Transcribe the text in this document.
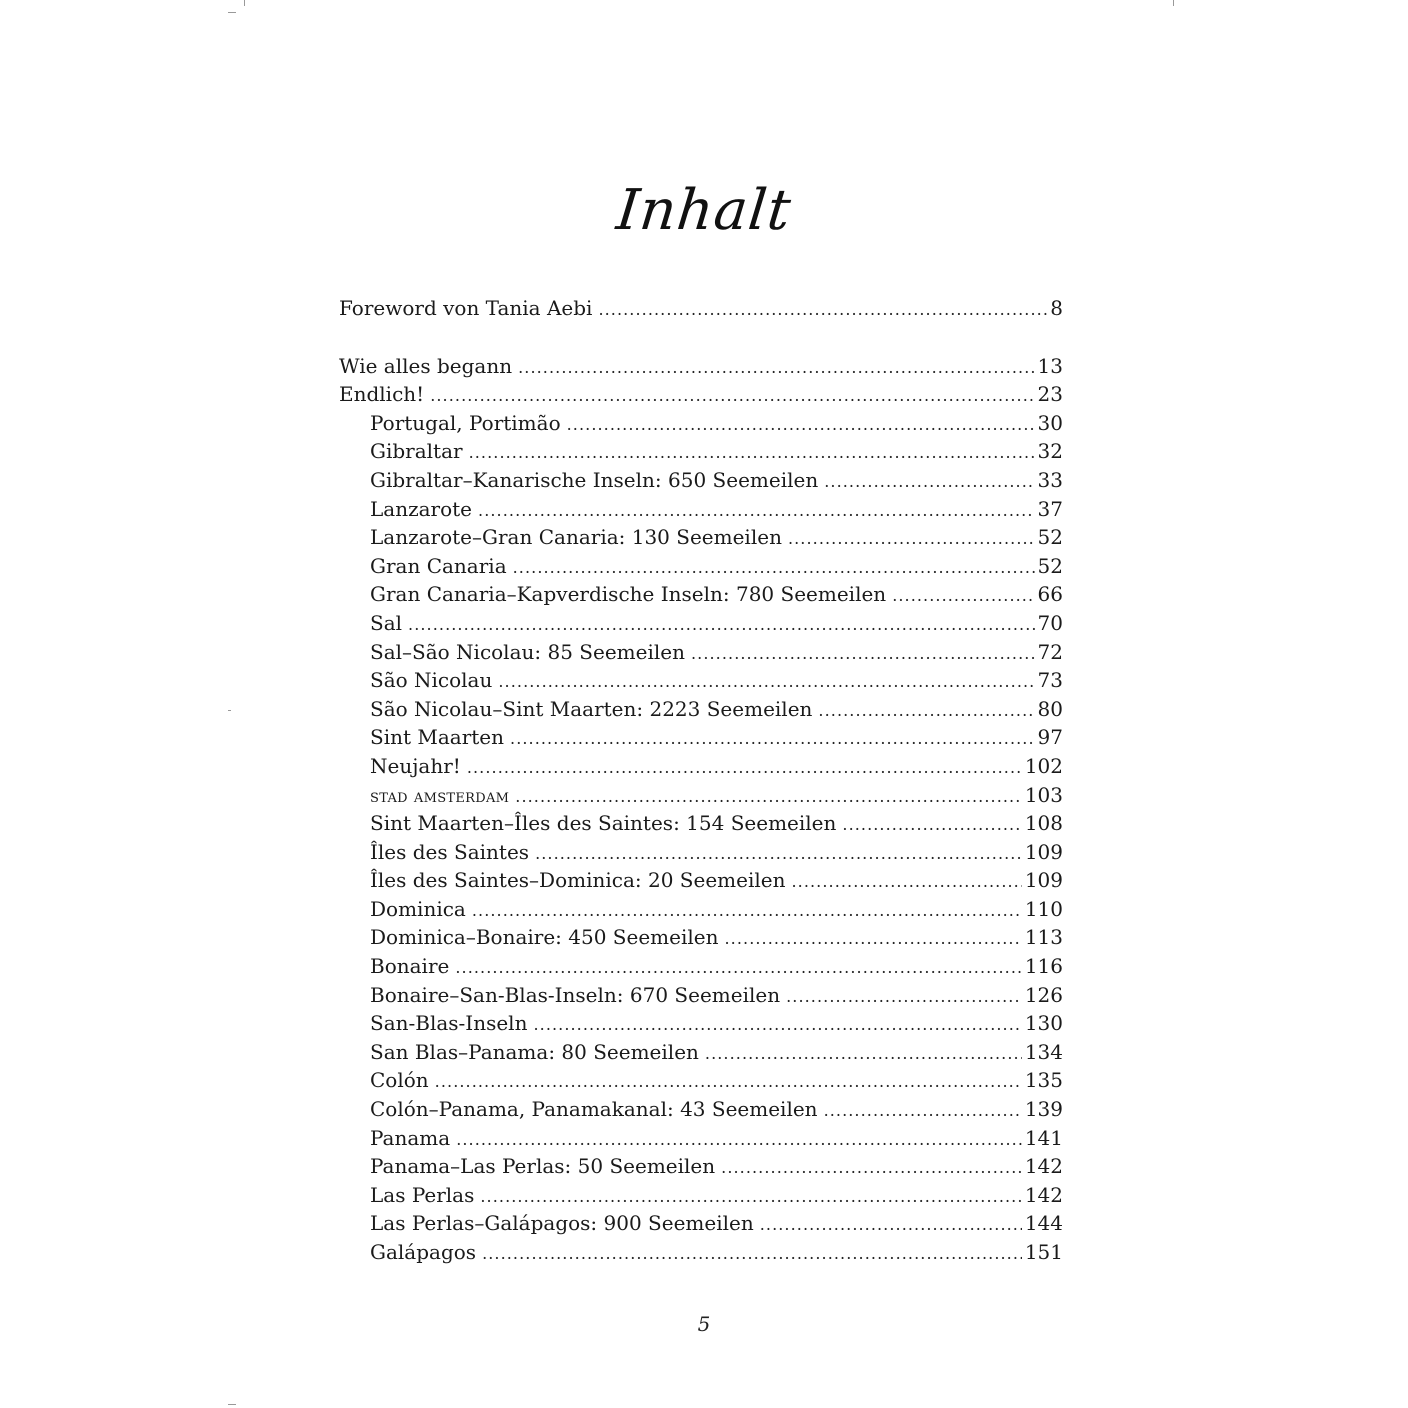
Inhalt
Foreword von Tania Aebi . . .	8
Wie alles begann . . .	13
Endlich! . . .	23
Portugal, Portimão . . .	30
Gibraltar . . .	32
Gibraltar–Kanarische Inseln: 650 Seemeilen . . .	33
Lanzarote . . .	37
Lanzarote–Gran Canaria: 130 Seemeilen . . .	52
Gran Canaria . . .	52
Gran Canaria–Kapverdische Inseln: 780 Seemeilen . . .	66
Sal . . .	70
Sal–São Nicolau: 85 Seemeilen . . .	72
São Nicolau . . .	73
São Nicolau–Sint Maarten: 2223 Seemeilen . . .	80
Sint Maarten . . .	97
Neujahr! . . .	102
stad amsterdam . . .	103
Sint Maarten–Îles des Saintes: 154 Seemeilen . . .	108
Îles des Saintes . . .	109
Îles des Saintes–Dominica: 20 Seemeilen . . .	109
Dominica . . .	110
Dominica–Bonaire: 450 Seemeilen . . .	113
Bonaire . . .	116
Bonaire–San-Blas-Inseln: 670 Seemeilen . . .	126
San-Blas-Inseln . . .	130
San Blas–Panama: 80 Seemeilen . . .	134
Colón . . .	135
Colón–Panama, Panamakanal: 43 Seemeilen . . .	139
Panama . . .	141
Panama–Las Perlas: 50 Seemeilen . . .	142
Las Perlas . . .	142
Las Perlas–Galápagos: 900 Seemeilen . . .	144
Galápagos . . .	151
5
